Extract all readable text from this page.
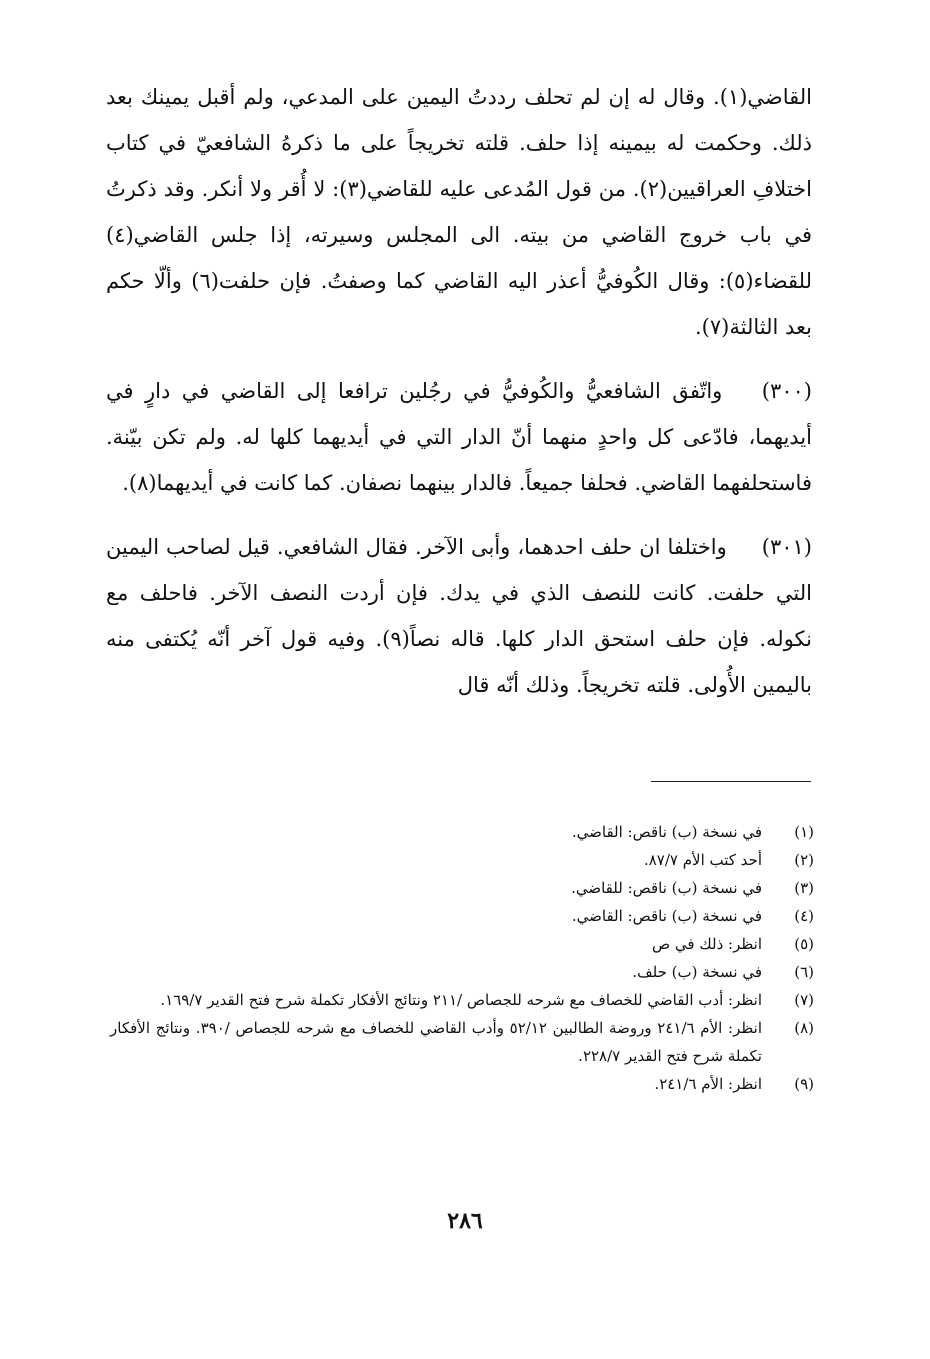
القاضي(١). وقال له إن لم تحلف رددتُ اليمين على المدعي، ولم أقبل يمينك بعد ذلك. وحكمت له بيمينه إذا حلف. قلته تخريجاً على ما ذكرهُ الشافعيّ في كتاب اختلافِ العراقيين(٢). من قول المُدعى عليه للقاضي(٣): لا أُقر ولا أنكر. وقد ذكرتُ في باب خروج القاضي من بيته. الى المجلس وسيرته، إذا جلس القاضي(٤) للقضاء(٥): وقال الكُوفيُّ أعذر اليه القاضي كما وصفتُ. فإن حلفت(٦) وألّا حكم بعد الثالثة(٧).

(٣٠٠) واتّفق الشافعيُّ والكُوفيُّ في رجُلين ترافعا إلى القاضي في دارٍ في أيديهما، فادّعى كل واحدٍ منهما أنّ الدار التي في أيديهما كلها له. ولم تكن بيّنة. فاستحلفهما القاضي. فحلفا جميعاً. فالدار بينهما نصفان. كما كانت في أيديهما(٨).

(٣٠١) واختلفا ان حلف احدهما، وأبى الآخر. فقال الشافعي. قيل لصاحب اليمين التي حلفت. كانت للنصف الذي في يدك. فإن أردت النصف الآخر. فاحلف مع نكوله. فإن حلف استحق الدار كلها. قاله نصاً(٩). وفيه قول آخر أنّه يُكتفى منه باليمين الأُولى. قلته تخريجاً. وذلك أنّه قال

(١)
في نسخة (ب) ناقص: القاضي.
(٢)
أحد كتب الأم ٨٧/٧.
(٣)
في نسخة (ب) ناقص: للقاضي.
(٤)
في نسخة (ب) ناقص: القاضي.
(٥)
انظر: ذلك في ص
(٦)
في نسخة (ب) حلف.
(٧)
انظر: أدب القاضي للخصاف مع شرحه للجصاص /٢١١ ونتائج الأفكار تكملة شرح فتح القدير ١٦٩/٧.
(٨)
انظر: الأم ٢٤١/٦ وروضة الطالبين ٥٢/١٢ وأدب القاضي للخصاف مع شرحه للجصاص /٣٩٠. ونتائج الأفكار تكملة شرح فتح القدير ٢٢٨/٧.
(٩)
انظر: الأم ٢٤١/٦.
٢٨٦
